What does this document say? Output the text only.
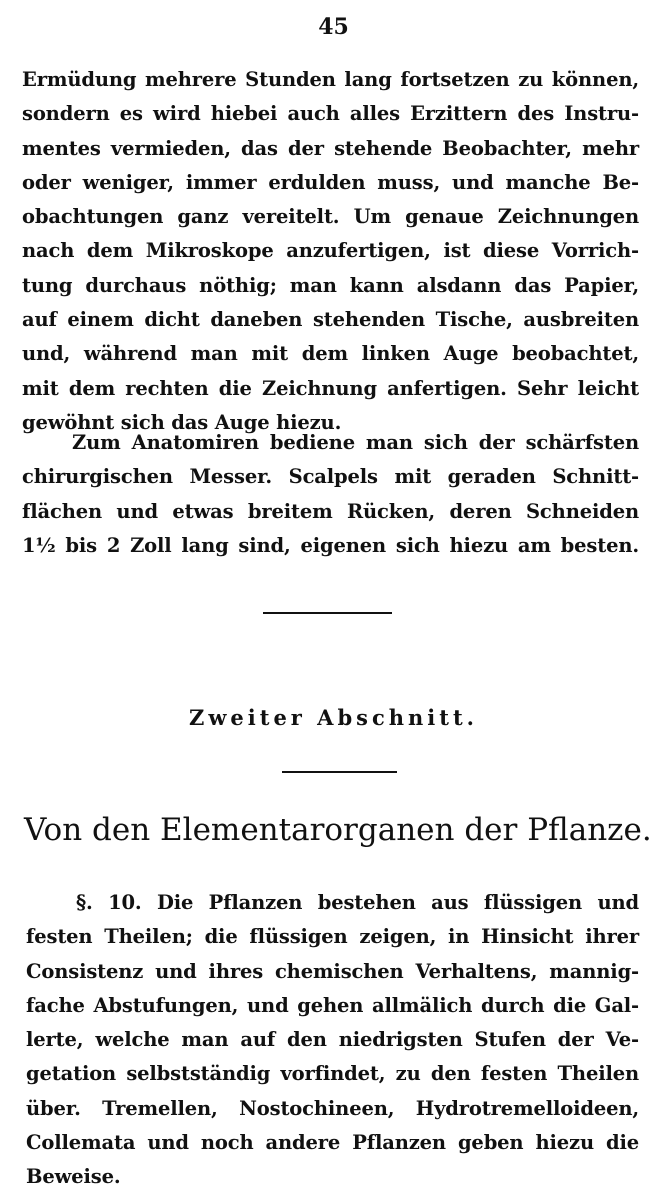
45
Ermüdung mehrere Stunden lang fortsetzen zu können,
sondern es wird hiebei auch alles Erzittern des Instru-
mentes vermieden, das der stehende Beobachter, mehr
oder weniger, immer erdulden muss, und manche Be-
obachtungen ganz vereitelt. Um genaue Zeichnungen
nach dem Mikroskope anzufertigen, ist diese Vorrich-
tung durchaus nöthig; man kann alsdann das Papier,
auf einem dicht daneben stehenden Tische, ausbreiten
und, während man mit dem linken Auge beobachtet,
mit dem rechten die Zeichnung anfertigen. Sehr leicht
gewöhnt sich das Auge hiezu.
Zum Anatomiren bediene man sich der schärfsten
chirurgischen Messer. Scalpels mit geraden Schnitt-
flächen und etwas breitem Rücken, deren Schneiden
1½ bis 2 Zoll lang sind, eigenen sich hiezu am besten.
Zweiter Abschnitt.
Von den Elementarorganen der Pflanze.
§. 10. Die Pflanzen bestehen aus flüssigen und
festen Theilen; die flüssigen zeigen, in Hinsicht ihrer
Consistenz und ihres chemischen Verhaltens, mannig-
fache Abstufungen, und gehen allmälich durch die Gal-
lerte, welche man auf den niedrigsten Stufen der Ve-
getation selbstständig vorfindet, zu den festen Theilen
über. Tremellen, Nostochineen, Hydrotremelloideen,
Collemata und noch andere Pflanzen geben hiezu die
Beweise.
